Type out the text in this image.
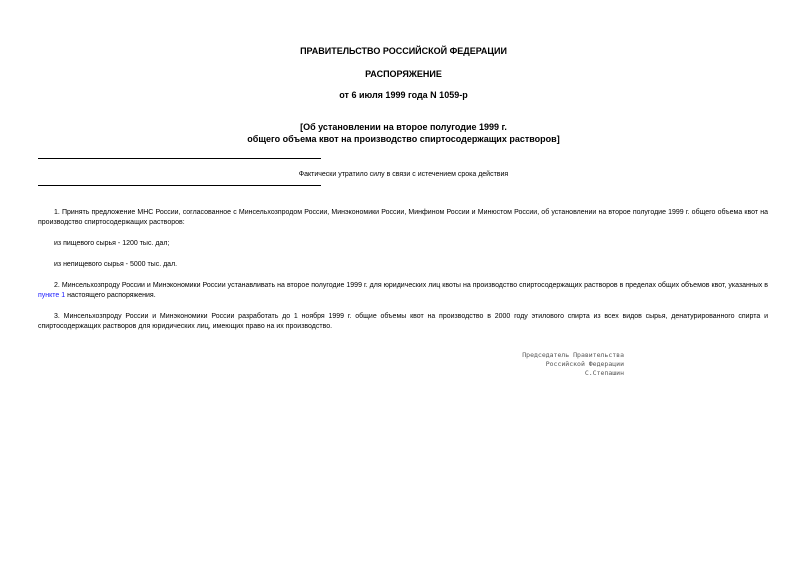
ПРАВИТЕЛЬСТВО РОССИЙСКОЙ ФЕДЕРАЦИИ
РАСПОРЯЖЕНИЕ
от 6 июля 1999 года N 1059-р
[Об установлении на второе полугодие 1999 г.
общего объема квот на производство спиртосодержащих растворов]
Фактически утратило силу в связи с истечением срока действия
1. Принять предложение МНС России, согласованное с Минсельхозпродом России, Минэкономики России, Минфином России и Минюстом России, об установлении на второе полугодие 1999 г. общего объема квот на производство спиртосодержащих растворов:
из пищевого сырья - 1200 тыс. дал;
из непищевого сырья - 5000 тыс. дал.
2. Минсельхозпроду России и Минэкономики России устанавливать на второе полугодие 1999 г. для юридических лиц квоты на производство спиртосодержащих растворов в пределах общих объемов квот, указанных в пункте 1 настоящего распоряжения.
3. Минсельхозпроду России и Минэкономики России разработать до 1 ноября 1999 г. общие объемы квот на производство в 2000 году этилового спирта из всех видов сырья, денатурированного спирта и спиртосодержащих растворов для юридических лиц, имеющих право на их производство.
Председатель Правительства
Российской Федерации
С.Степашин
